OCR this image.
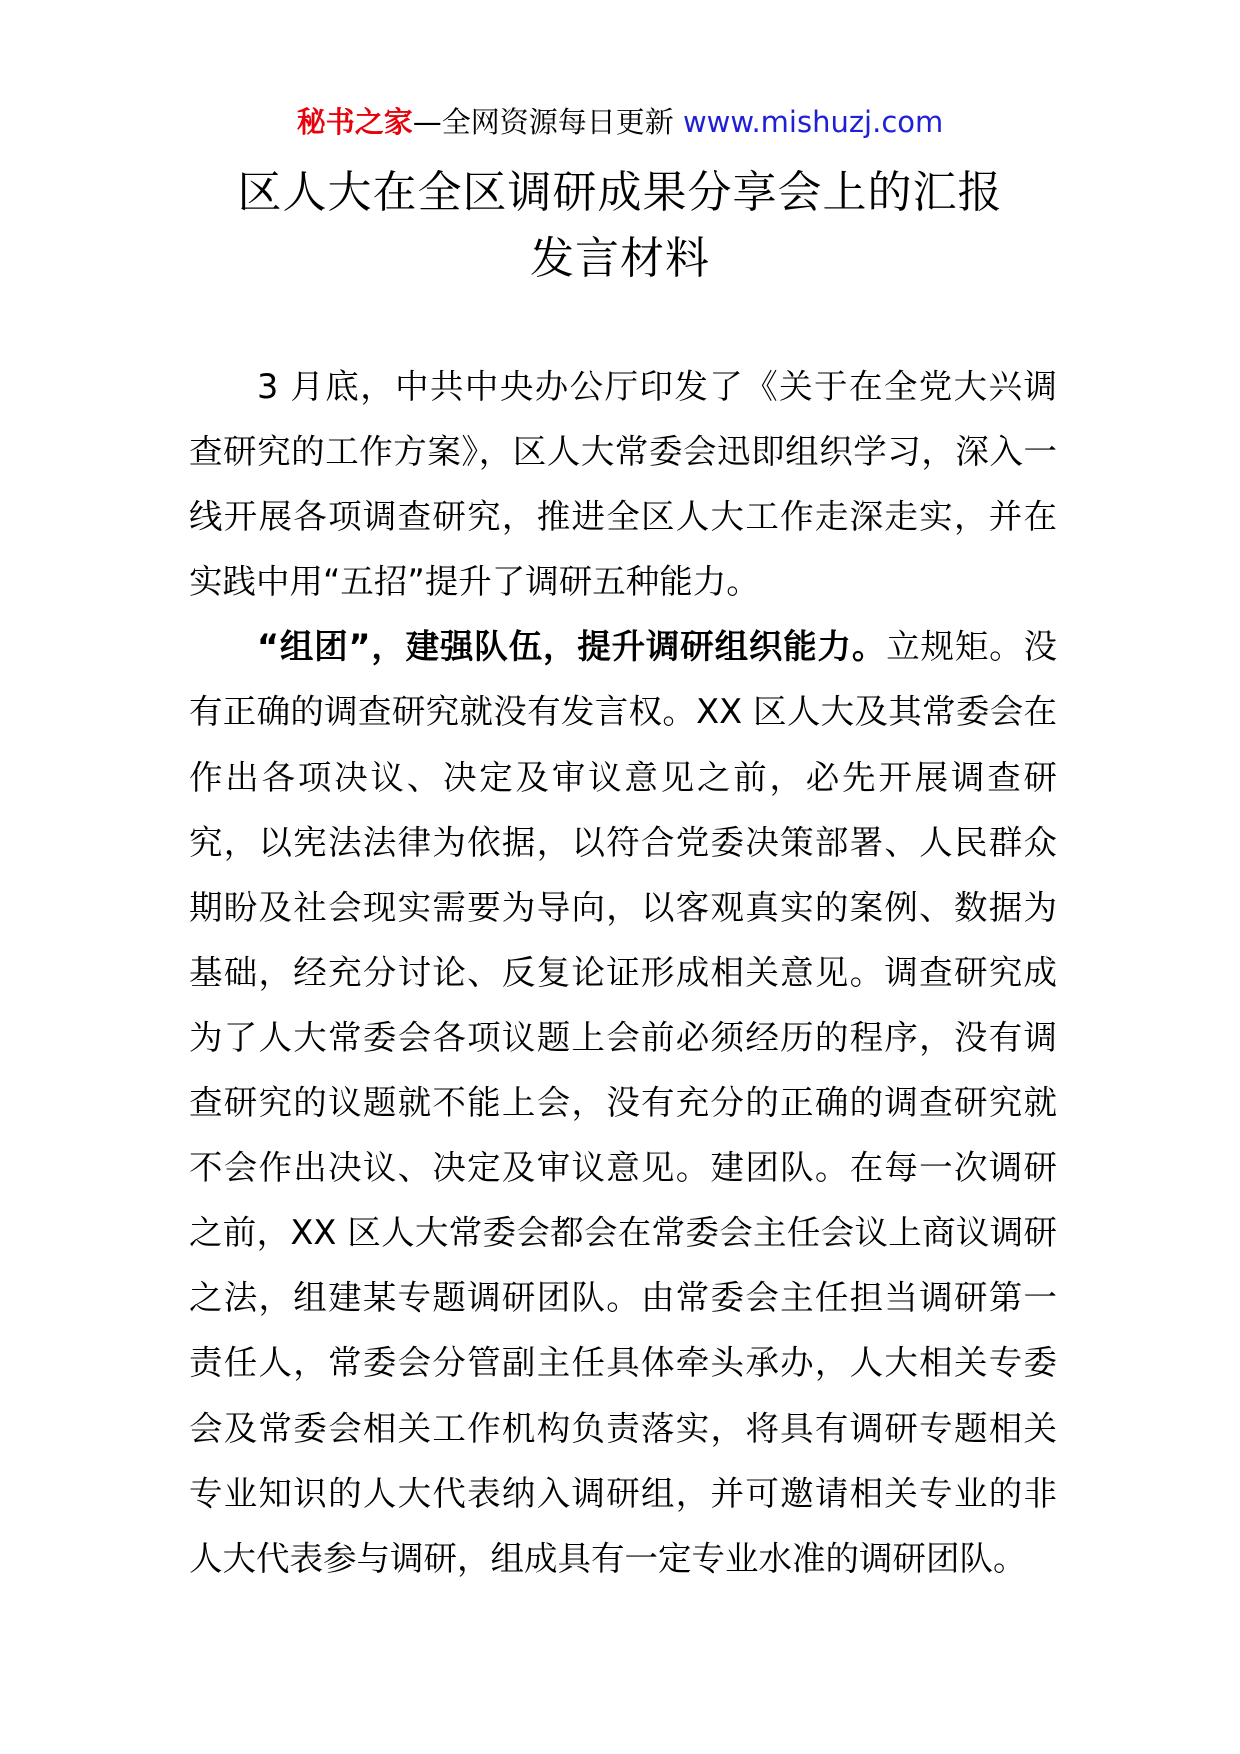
秘书之家—全网资源每日更新 www.mishuzj.com
区人大在全区调研成果分享会上的汇报
发言材料

3 月底，中共中央办公厅印发了《关于在全党大兴调查研究的工作方案》，区人大常委会迅即组织学习，深入一线开展各项调查研究，推进全区人大工作走深走实，并在实践中用“五招”提升了调研五种能力。

“组团”，建强队伍，提升调研组织能力。立规矩。没有正确的调查研究就没有发言权。XX 区人大及其常委会在作出各项决议、决定及审议意见之前，必先开展调查研究，以宪法法律为依据，以符合党委决策部署、人民群众期盼及社会现实需要为导向，以客观真实的案例、数据为基础，经充分讨论、反复论证形成相关意见。调查研究成为了人大常委会各项议题上会前必须经历的程序，没有调查研究的议题就不能上会，没有充分的正确的调查研究就不会作出决议、决定及审议意见。建团队。在每一次调研之前，XX 区人大常委会都会在常委会主任会议上商议调研之法，组建某专题调研团队。由常委会主任担当调研第一责任人，常委会分管副主任具体牵头承办，人大相关专委会及常委会相关工作机构负责落实，将具有调研专题相关专业知识的人大代表纳入调研组，并可邀请相关专业的非人大代表参与调研，组成具有一定专业水准的调研团队。
